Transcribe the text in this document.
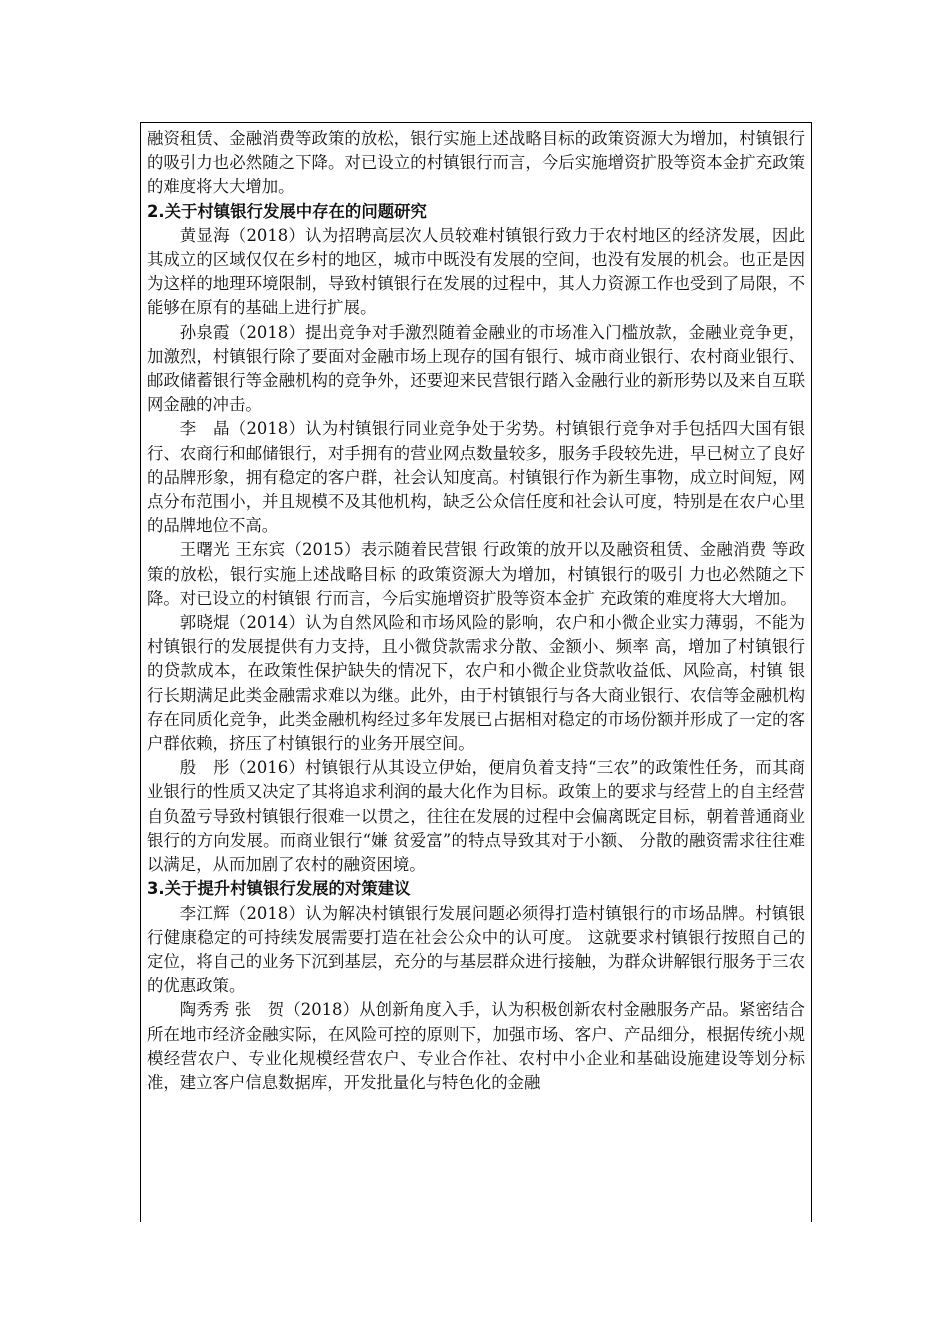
融资租赁、金融消费等政策的放松，银行实施上述战略目标的政策资源大为增加，村镇银行的吸引力也必然随之下降。对已设立的村镇银行而言，今后实施增资扩股等资本金扩充政策的难度将大大增加。

2.关于村镇银行发展中存在的问题研究

黄显海（2018）认为招聘高层次人员较难村镇银行致力于农村地区的经济发展，因此其成立的区域仅仅在乡村的地区，城市中既没有发展的空间，也没有发展的机会。也正是因为这样的地理环境限制，导致村镇银行在发展的过程中，其人力资源工作也受到了局限，不能够在原有的基础上进行扩展。

孙泉霞（2018）提出竞争对手激烈随着金融业的市场准入门槛放款，金融业竞争更，加激烈，村镇银行除了要面对金融市场上现存的国有银行、城市商业银行、农村商业银行、邮政储蓄银行等金融机构的竞争外，还要迎来民营银行踏入金融行业的新形势以及来自互联网金融的冲击。

李　晶（2018）认为村镇银行同业竞争处于劣势。村镇银行竞争对手包括四大国有银行、农商行和邮储银行，对手拥有的营业网点数量较多，服务手段较先进，早已树立了良好的品牌形象，拥有稳定的客户群，社会认知度高。村镇银行作为新生事物，成立时间短，网点分布范围小，并且规模不及其他机构，缺乏公众信任度和社会认可度，特别是在农户心里的品牌地位不高。

王曙光 王东宾（2015）表示随着民营银 行政策的放开以及融资租赁、金融消费 等政策的放松，银行实施上述战略目标 的政策资源大为增加，村镇银行的吸引 力也必然随之下降。对已设立的村镇银 行而言，今后实施增资扩股等资本金扩 充政策的难度将大大增加。

郭晓焜（2014）认为自然风险和市场风险的影响，农户和小微企业实力薄弱，不能为村镇银行的发展提供有力支持，且小微贷款需求分散、金额小、频率 高，增加了村镇银行的贷款成本，在政策性保护缺失的情况下，农户和小微企业贷款收益低、风险高，村镇 银行长期满足此类金融需求难以为继。此外，由于村镇银行与各大商业银行、农信等金融机构存在同质化竞争，此类金融机构经过多年发展已占据相对稳定的市场份额并形成了一定的客户群依赖，挤压了村镇银行的业务开展空间。

殷　彤（2016）村镇银行从其设立伊始，便肩负着支持“三农”的政策性任务，而其商业银行的性质又决定了其将追求利润的最大化作为目标。政策上的要求与经营上的自主经营自负盈亏导致村镇银行很难一以贯之，往往在发展的过程中会偏离既定目标，朝着普通商业银行的方向发展。而商业银行“嫌 贫爱富”的特点导致其对于小额、 分散的融资需求往往难以满足，从而加剧了农村的融资困境。

3.关于提升村镇银行发展的对策建议

李江辉（2018）认为解决村镇银行发展问题必须得打造村镇银行的市场品牌。村镇银行健康稳定的可持续发展需要打造在社会公众中的认可度。 这就要求村镇银行按照自己的定位，将自己的业务下沉到基层，充分的与基层群众进行接触，为群众讲解银行服务于三农的优惠政策。

陶秀秀 张　贺（2018）从创新角度入手，认为积极创新农村金融服务产品。紧密结合所在地市经济金融实际，在风险可控的原则下，加强市场、客户、产品细分，根据传统小规模经营农户、专业化规模经营农户、专业合作社、农村中小企业和基础设施建设等划分标准，建立客户信息数据库，开发批量化与特色化的金融
